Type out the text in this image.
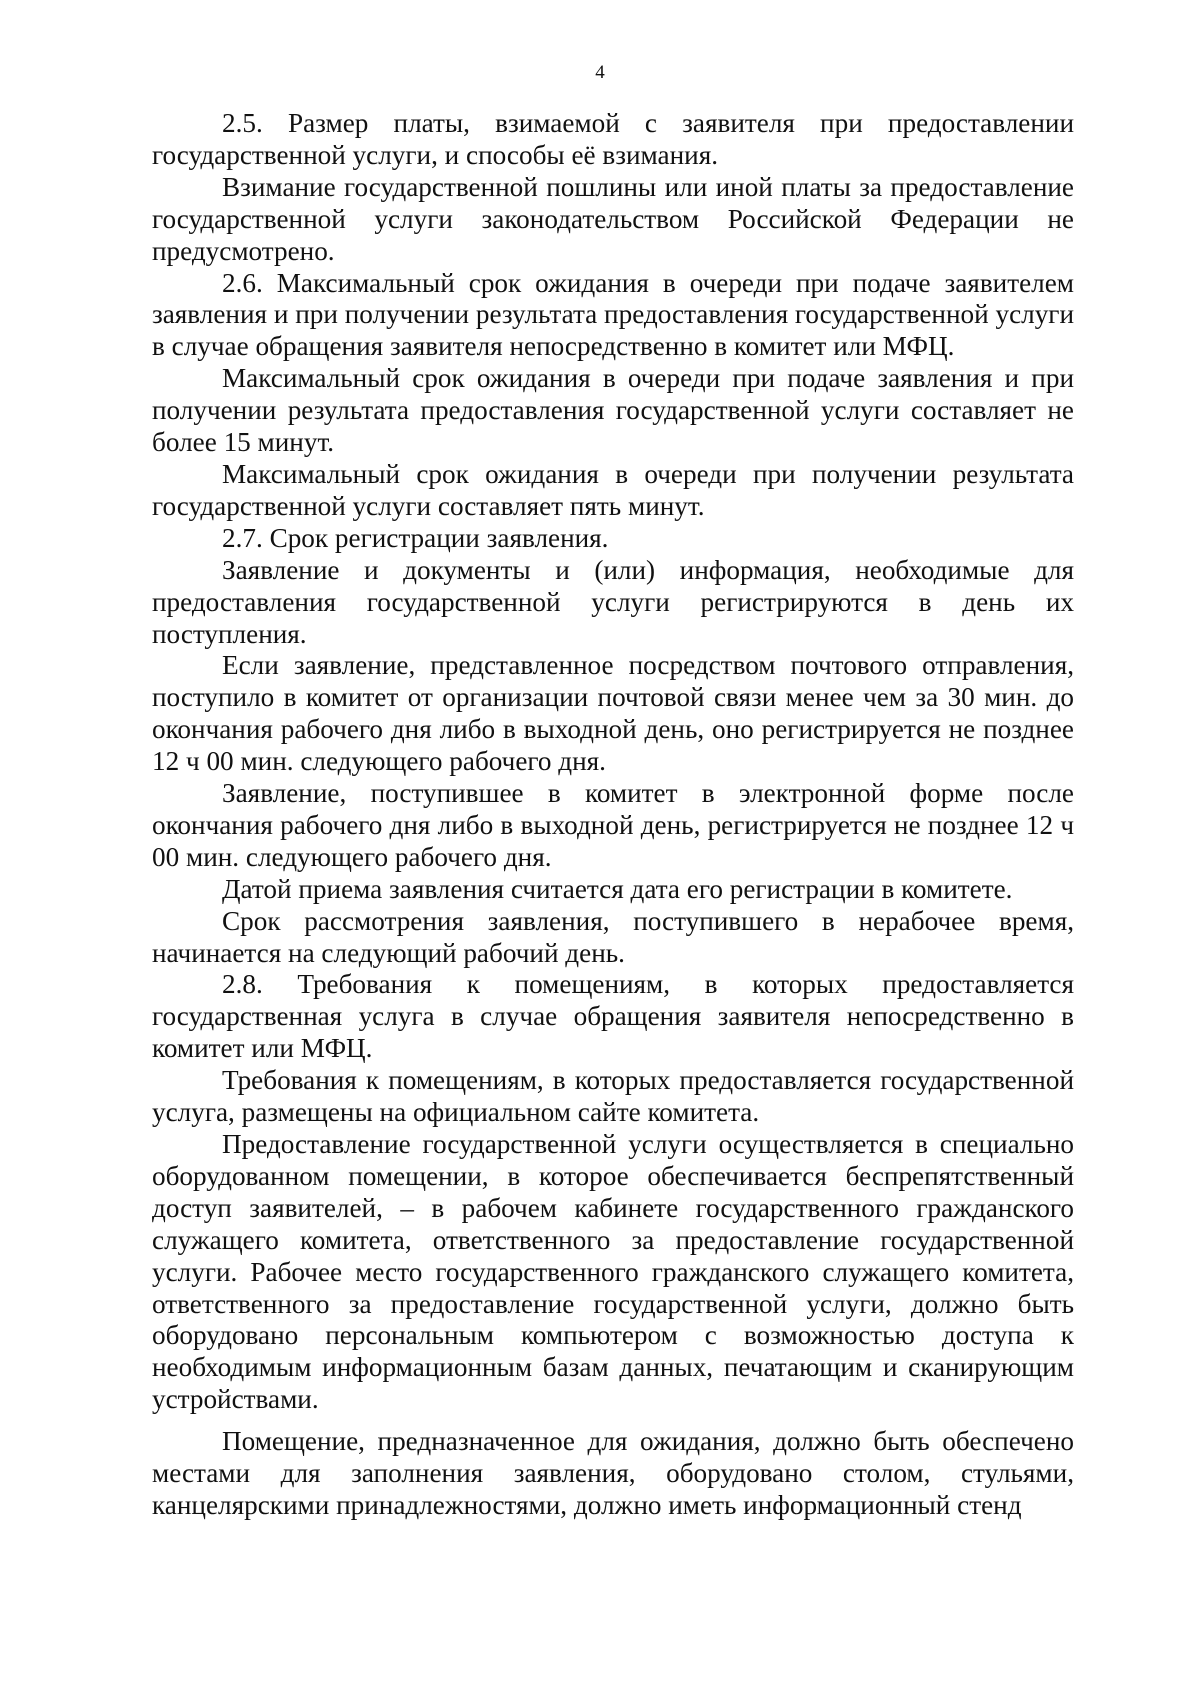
4

2.5. Размер платы, взимаемой с заявителя при предоставлении государственной услуги, и способы её взимания.

Взимание государственной пошлины или иной платы за предоставление государственной услуги законодательством Российской Федерации не предусмотрено.

2.6. Максимальный срок ожидания в очереди при подаче заявителем заявления и при получении результата предоставления государственной услуги в случае обращения заявителя непосредственно в комитет или МФЦ.

Максимальный срок ожидания в очереди при подаче заявления и при получении результата предоставления государственной услуги составляет не более 15 минут.

Максимальный срок ожидания в очереди при получении результата государственной услуги составляет пять минут.

2.7. Срок регистрации заявления.

Заявление и документы и (или) информация, необходимые для предоставления государственной услуги регистрируются в день их поступления.

Если заявление, представленное посредством почтового отправления, поступило в комитет от организации почтовой связи менее чем за 30 мин. до окончания рабочего дня либо в выходной день, оно регистрируется не позднее 12 ч 00 мин. следующего рабочего дня.

Заявление, поступившее в комитет в электронной форме после окончания рабочего дня либо в выходной день, регистрируется не позднее 12 ч 00 мин. следующего рабочего дня.

Датой приема заявления считается дата его регистрации в комитете.

Срок рассмотрения заявления, поступившего в нерабочее время, начинается на следующий рабочий день.

2.8. Требования к помещениям, в которых предоставляется государственная услуга в случае обращения заявителя непосредственно в комитет или МФЦ.

Требования к помещениям, в которых предоставляется государственной услуга, размещены на официальном сайте комитета.

Предоставление государственной услуги осуществляется в специально оборудованном помещении, в которое обеспечивается беспрепятственный доступ заявителей, – в рабочем кабинете государственного гражданского служащего комитета, ответственного за предоставление государственной услуги. Рабочее место государственного гражданского служащего комитета, ответственного за предоставление государственной услуги, должно быть оборудовано персональным компьютером с возможностью доступа к необходимым информационным базам данных, печатающим и сканирующим устройствами.

Помещение, предназначенное для ожидания, должно быть обеспечено местами для заполнения заявления, оборудовано столом, стульями, канцелярскими принадлежностями, должно иметь информационный стенд
